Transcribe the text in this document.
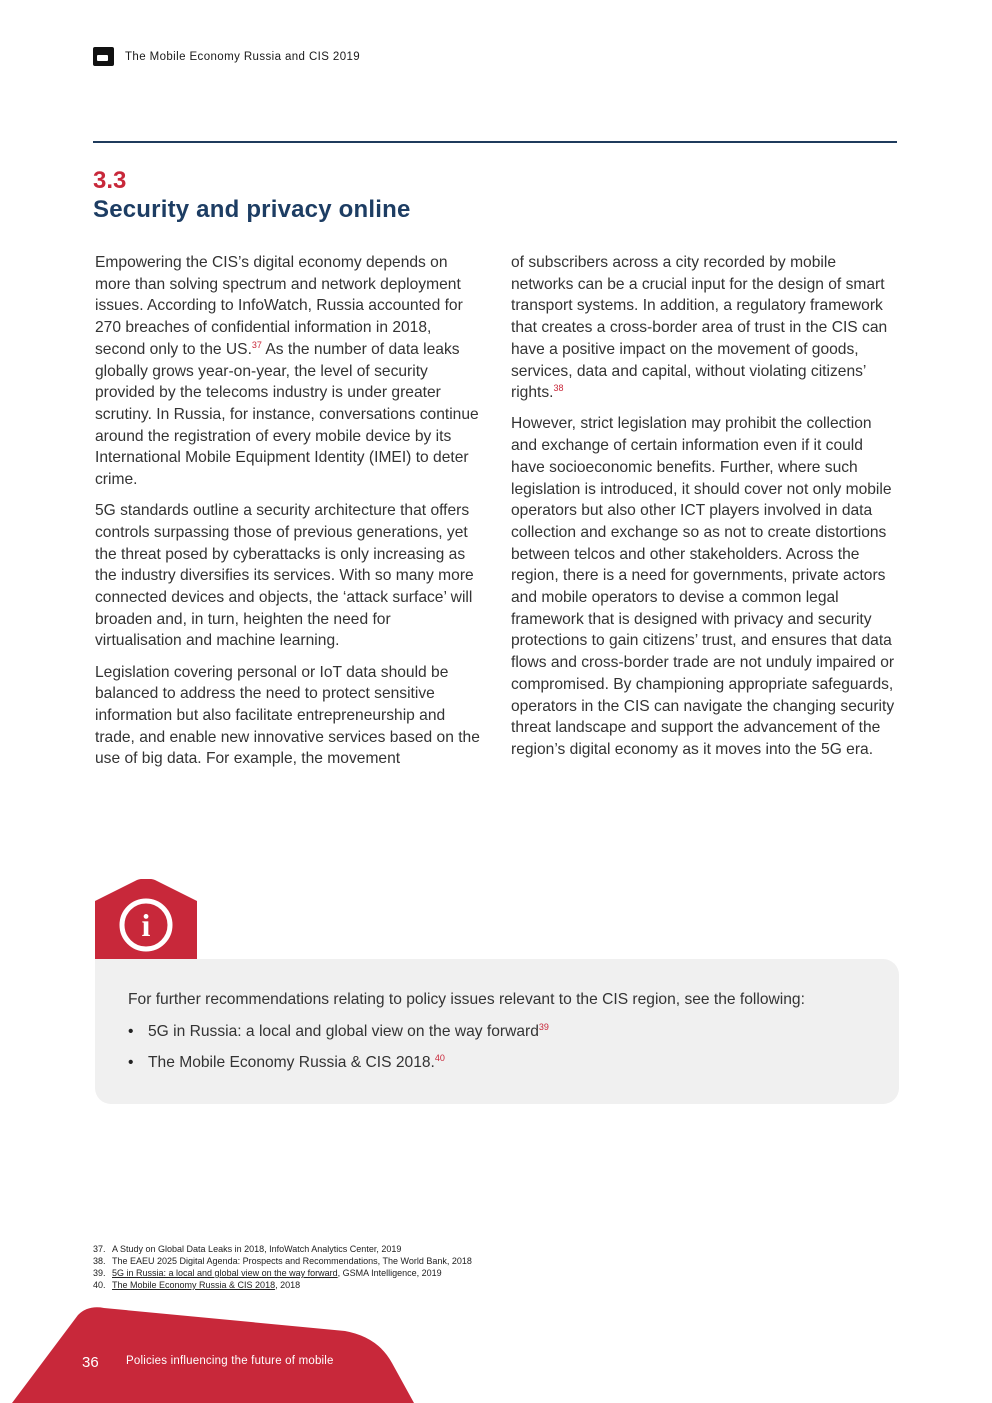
The Mobile Economy Russia and CIS 2019
3.3
Security and privacy online

Empowering the CIS’s digital economy depends on more than solving spectrum and network deployment issues. According to InfoWatch, Russia accounted for 270 breaches of confidential information in 2018, second only to the US.$^{37}$ As the number of data leaks globally grows year-on-year, the level of security provided by the telecoms industry is under greater scrutiny. In Russia, for instance, conversations continue around the registration of every mobile device by its International Mobile Equipment Identity (IMEI) to deter crime.

5G standards outline a security architecture that offers controls surpassing those of previous generations, yet the threat posed by cyberattacks is only increasing as the industry diversifies its services. With so many more connected devices and objects, the ‘attack surface’ will broaden and, in turn, heighten the need for virtualisation and machine learning.

Legislation covering personal or IoT data should be balanced to address the need to protect sensitive information but also facilitate entrepreneurship and trade, and enable new innovative services based on the use of big data. For example, the movement

of subscribers across a city recorded by mobile networks can be a crucial input for the design of smart transport systems. In addition, a regulatory framework that creates a cross-border area of trust in the CIS can have a positive impact on the movement of goods, services, data and capital, without violating citizens’ rights.$^{38}$

However, strict legislation may prohibit the collection and exchange of certain information even if it could have socioeconomic benefits. Further, where such legislation is introduced, it should cover not only mobile operators but also other ICT players involved in data collection and exchange so as not to create distortions between telcos and other stakeholders. Across the region, there is a need for governments, private actors and mobile operators to devise a common legal framework that is designed with privacy and security protections to gain citizens’ trust, and ensures that data flows and cross-border trade are not unduly impaired or compromised. By championing appropriate safeguards, operators in the CIS can navigate the changing security threat landscape and support the advancement of the region’s digital economy as it moves into the 5G era.

i

For further recommendations relating to policy issues relevant to the CIS region, see the following:

• 5G in Russia: a local and global view on the way forward$^{39}$
• The Mobile Economy Russia & CIS 2018.40
37. A Study on Global Data Leaks in 2018, InfoWatch Analytics Center, 2019
38. The EAEU 2025 Digital Agenda: Prospects and Recommendations, The World Bank, 2018
39. 5G in Russia: a local and global view on the way forward, GSMA Intelligence, 2019
40. The Mobile Economy Russia & CIS 2018, 2018
36 Policies influencing the future of mobile
